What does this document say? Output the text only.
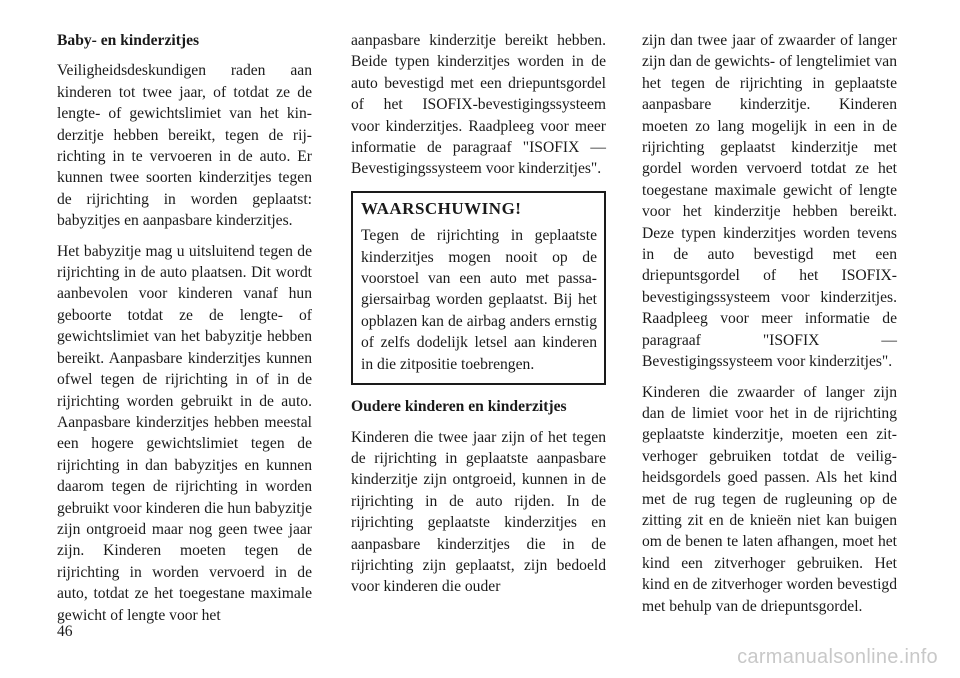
Baby- en kinderzitjes

Veiligheidsdeskundigen raden aan kinderen tot twee jaar, of totdat ze de lengte- of gewichtslimiet van het kinderzitje hebben bereikt, tegen de rijrichting in te vervoeren in de auto. Er kunnen twee soorten kinderzitjes tegen de rijrichting in worden geplaatst: babyzitjes en aanpasbare kinderzitjes.

Het babyzitje mag u uitsluitend tegen de rijrichting in de auto plaatsen. Dit wordt aanbevolen voor kinderen vanaf hun geboorte totdat ze de lengte- of gewichtslimiet van het babyzitje hebben bereikt. Aanpasbare kinderzitjes kunnen ofwel tegen de rijrichting in of in de rijrichting worden gebruikt in de auto. Aanpasbare kinderzitjes hebben meestal een hogere gewichtslimiet tegen de rijrichting in dan babyzitjes en kunnen daarom tegen de rijrichting in worden gebruikt voor kinderen die hun babyzitje zijn ontgroeid maar nog geen twee jaar zijn. Kinderen moeten tegen de rijrichting in worden vervoerd in de auto, totdat ze het toegestane maximale gewicht of lengte voor het

aanpasbare kinderzitje bereikt hebben. Beide typen kinderzitjes worden in de auto bevestigd met een driepuntsgordel of het ISOFIX-bevestigingssysteem voor kinderzitjes. Raadpleeg voor meer informatie de paragraaf "ISOFIX — Bevestigingssysteem voor kinderzitjes".

WAARSCHUWING!

Tegen de rijrichting in geplaatste kinderzitjes mogen nooit op de voorstoel van een auto met passagiersairbag worden geplaatst. Bij het opblazen kan de airbag anders ernstig of zelfs dodelijk letsel aan kinderen in die zitpositie toebrengen.

Oudere kinderen en kinderzitjes

Kinderen die twee jaar zijn of het tegen de rijrichting in geplaatste aanpasbare kinderzitje zijn ontgroeid, kunnen in de rijrichting in de auto rijden. In de rijrichting geplaatste kinderzitjes en aanpasbare kinderzitjes die in de rijrichting zijn geplaatst, zijn bedoeld voor kinderen die ouder

zijn dan twee jaar of zwaarder of langer zijn dan de gewichts- of lengtelimiet van het tegen de rijrichting in geplaatste aanpasbare kinderzitje. Kinderen moeten zo lang mogelijk in een in de rijrichting geplaatst kinderzitje met gordel worden vervoerd totdat ze het toegestane maximale gewicht of lengte voor het kinderzitje hebben bereikt. Deze typen kinderzitjes worden tevens in de auto bevestigd met een driepuntsgordel of het ISOFIX-bevestigingssysteem voor kinderzitjes. Raadpleeg voor meer informatie de paragraaf "ISOFIX — Bevestigingssysteem voor kinderzitjes".

Kinderen die zwaarder of langer zijn dan de limiet voor het in de rijrichting geplaatste kinderzitje, moeten een zitverhoger gebruiken totdat de veiligheidsgordels goed passen. Als het kind met de rug tegen de rugleuning op de zitting zit en de knieën niet kan buigen om de benen te laten afhangen, moet het kind een zitverhoger gebruiken. Het kind en de zitverhoger worden bevestigd met behulp van de driepuntsgordel.

46
carmanualsonline.info
